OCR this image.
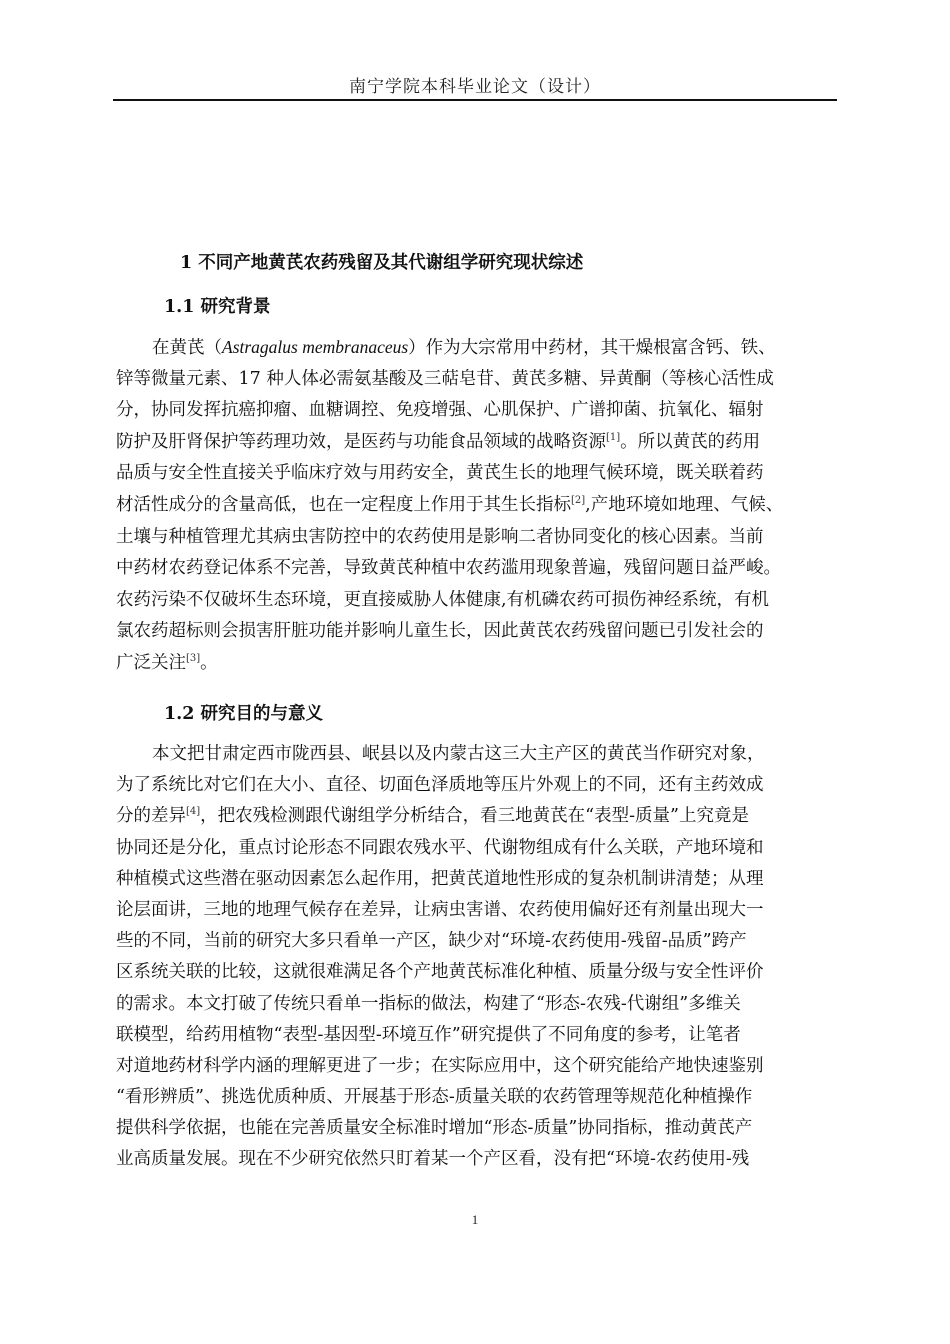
南宁学院本科毕业论文（设计）
1 不同产地黄芪农药残留及其代谢组学研究现状综述
1.1 研究背景
在黄芪（Astragalus membranaceus）作为大宗常用中药材，其干燥根富含钙、铁、
锌等微量元素、17 种人体必需氨基酸及三萜皂苷、黄芪多糖、异黄酮（等核心活性成
分，协同发挥抗癌抑瘤、血糖调控、免疫增强、心肌保护、广谱抑菌、抗氧化、辐射
防护及肝肾保护等药理功效，是医药与功能食品领域的战略资源[1]。所以黄芪的药用
品质与安全性直接关乎临床疗效与用药安全，黄芪生长的地理气候环境，既关联着药
材活性成分的含量高低，也在一定程度上作用于其生长指标[2],产地环境如地理、气候、
土壤与种植管理尤其病虫害防控中的农药使用是影响二者协同变化的核心因素。当前
中药材农药登记体系不完善，导致黄芪种植中农药滥用现象普遍，残留问题日益严峻。
农药污染不仅破坏生态环境，更直接威胁人体健康,有机磷农药可损伤神经系统，有机
氯农药超标则会损害肝脏功能并影响儿童生长，因此黄芪农药残留问题已引发社会的
广泛关注[3]。
1.2 研究目的与意义
本文把甘肃定西市陇西县、岷县以及内蒙古这三大主产区的黄芪当作研究对象，
为了系统比对它们在大小、直径、切面色泽质地等压片外观上的不同，还有主药效成
分的差异[4]，把农残检测跟代谢组学分析结合，看三地黄芪在“表型-质量”上究竟是
协同还是分化，重点讨论形态不同跟农残水平、代谢物组成有什么关联，产地环境和
种植模式这些潜在驱动因素怎么起作用，把黄芪道地性形成的复杂机制讲清楚；从理
论层面讲，三地的地理气候存在差异，让病虫害谱、农药使用偏好还有剂量出现大一
些的不同，当前的研究大多只看单一产区，缺少对“环境-农药使用-残留-品质”跨产
区系统关联的比较，这就很难满足各个产地黄芪标准化种植、质量分级与安全性评价
的需求。本文打破了传统只看单一指标的做法，构建了“形态-农残-代谢组”多维关
联模型，给药用植物“表型-基因型-环境互作”研究提供了不同角度的参考，让笔者
对道地药材科学内涵的理解更进了一步；在实际应用中，这个研究能给产地快速鉴别
“看形辨质”、挑选优质种质、开展基于形态-质量关联的农药管理等规范化种植操作
提供科学依据，也能在完善质量安全标准时增加“形态-质量”协同指标，推动黄芪产
业高质量发展。现在不少研究依然只盯着某一个产区看，没有把“环境-农药使用-残
1
